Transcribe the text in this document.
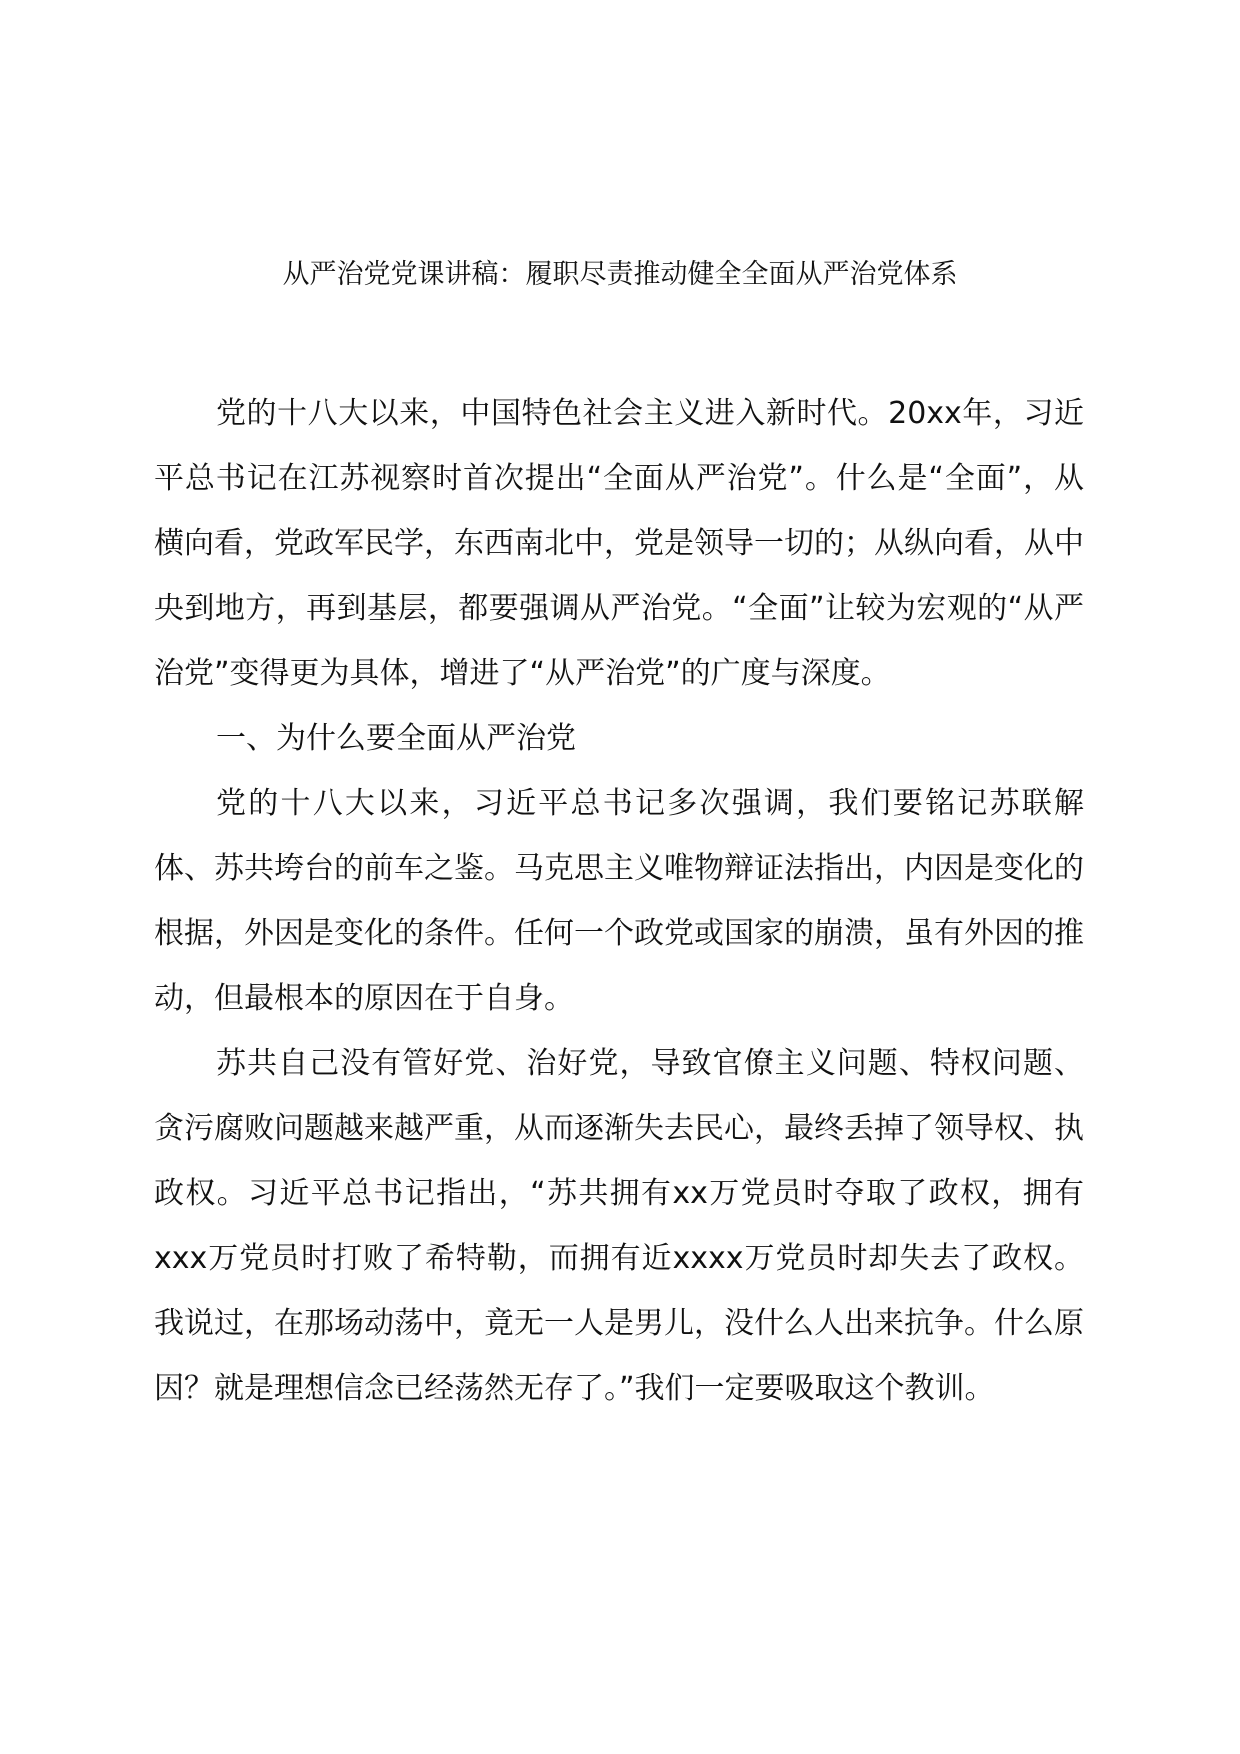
从严治党党课讲稿：履职尽责推动健全全面从严治党体系

党的十八大以来，中国特色社会主义进入新时代。20xx年，习近平总书记在江苏视察时首次提出“全面从严治党”。什么是“全面”，从横向看，党政军民学，东西南北中，党是领导一切的；从纵向看，从中央到地方，再到基层，都要强调从严治党。“全面”让较为宏观的“从严治党”变得更为具体，增进了“从严治党”的广度与深度。

一、为什么要全面从严治党

党的十八大以来，习近平总书记多次强调，我们要铭记苏联解体、苏共垮台的前车之鉴。马克思主义唯物辩证法指出，内因是变化的根据，外因是变化的条件。任何一个政党或国家的崩溃，虽有外因的推动，但最根本的原因在于自身。

苏共自己没有管好党、治好党，导致官僚主义问题、特权问题、贪污腐败问题越来越严重，从而逐渐失去民心，最终丢掉了领导权、执政权。习近平总书记指出，“苏共拥有xx万党员时夺取了政权，拥有xxx万党员时打败了希特勒，而拥有近xxxx万党员时却失去了政权。我说过，在那场动荡中，竟无一人是男儿，没什么人出来抗争。什么原因？就是理想信念已经荡然无存了。”我们一定要吸取这个教训。
